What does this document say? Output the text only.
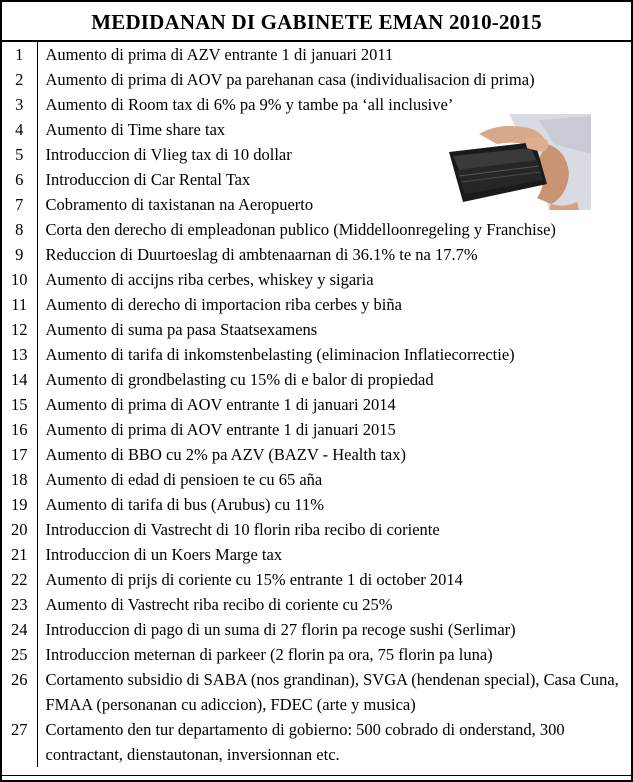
MEDIDANAN DI GABINETE EMAN 2010-2015
1	Aumento di prima di AZV entrante 1 di januari 2011
2	Aumento di prima di AOV pa parehanan casa (individualisacion di prima)
3	Aumento di Room tax di 6% pa 9% y tambe pa ‘all inclusive’
4	Aumento di Time share tax
5	Introduccion di Vlieg tax di 10 dollar
6	Introduccion di Car Rental Tax
7	Cobramento di taxistanan na Aeropuerto
8	Corta den derecho di empleadonan publico (Middelloonregeling y Franchise)
9	Reduccion di Duurtoeslag di ambtenaarnan di 36.1% te na 17.7%
10	Aumento di accijns riba cerbes, whiskey y sigaria
11	Aumento di derecho di importacion riba cerbes y biña
12	Aumento di suma pa pasa Staatsexamens
13	Aumento di tarifa di inkomstenbelasting (eliminacion Inflatiecorrectie)
14	Aumento di grondbelasting cu 15% di e balor di propiedad
15	Aumento di prima di AOV entrante 1 di januari 2014
16	Aumento di prima di AOV entrante 1 di januari 2015
17	Aumento di BBO cu 2% pa AZV (BAZV - Health tax)
18	Aumento di edad di pensioen te cu 65 aña
19	Aumento di tarifa di bus (Arubus) cu 11%
20	Introduccion di Vastrecht di 10 florin riba recibo di coriente
21	Introduccion di un Koers Marge tax
22	Aumento di prijs di coriente cu 15% entrante 1 di october 2014
23	Aumento di Vastrecht riba recibo di coriente cu 25%
24	Introduccion di pago di un suma di 27 florin pa recoge sushi (Serlimar)
25	Introduccion meternan di parkeer (2 florin pa ora, 75 florin pa luna)
26	Cortamento subsidio di SABA (nos grandinan), SVGA (hendenan special), Casa Cuna, FMAA (personanan cu adiccion), FDEC (arte y musica)
27	Cortamento den tur departamento di gobierno: 500 cobrado di onderstand, 300 contractant, dienstautonan, inversionnan etc.
